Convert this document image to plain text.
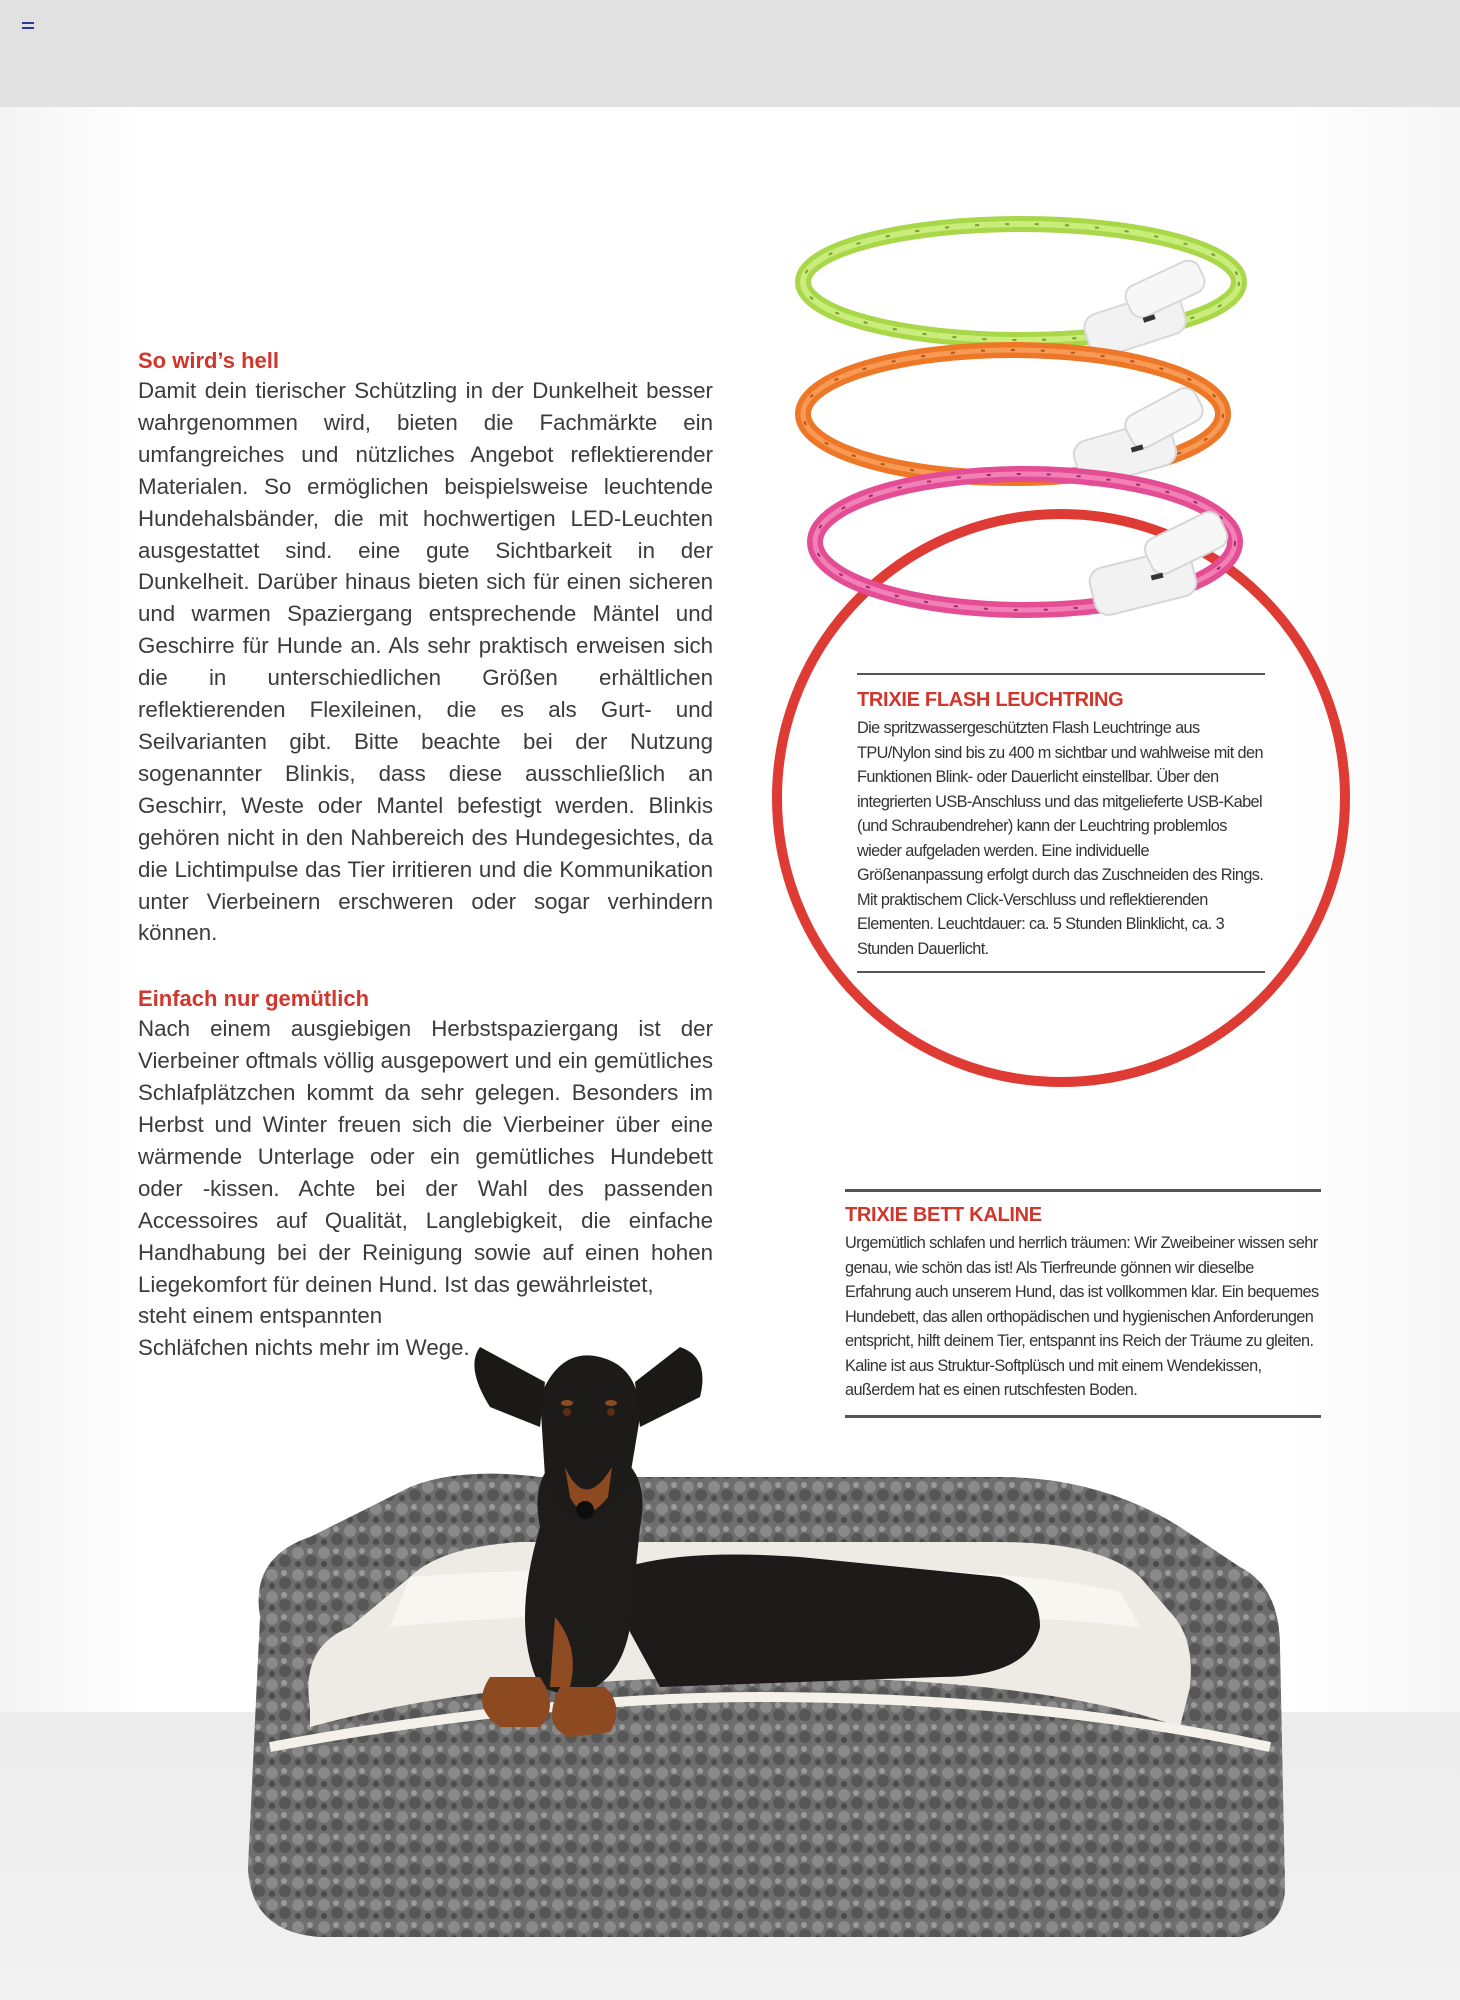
So wird’s hell

Damit dein tierischer Schützling in der Dunkelheit besser wahrgenommen wird, bieten die Fachmärkte ein umfangreiches und nützliches Angebot reflektierender Materialen. So ermöglichen beispielsweise leuchtende Hundehalsbänder, die mit hochwertigen LED-Leuchten ausgestattet sind. eine gute Sichtbarkeit in der Dunkelheit. Darüber hinaus bieten sich für einen sicheren und warmen Spaziergang entsprechende Mäntel und Geschirre für Hunde an. Als sehr praktisch erweisen sich die in unterschiedlichen Größen erhältlichen reflektierenden Flexileinen, die es als Gurt- und Seilvarianten gibt. Bitte beachte bei der Nutzung sogenannter Blinkis, dass diese ausschließlich an Geschirr, Weste oder Mantel befestigt werden. Blinkis gehören nicht in den Nahbereich des Hundegesichtes, da die Lichtimpulse das Tier irritieren und die Kommunikation unter Vierbeinern erschweren oder sogar verhindern können.

Einfach nur gemütlich

Nach einem ausgiebigen Herbstspaziergang ist der Vierbeiner oftmals völlig ausgepowert und ein gemütliches Schlafplätzchen kommt da sehr gelegen. Besonders im Herbst und Winter freuen sich die Vierbeiner über eine wärmende Unterlage oder ein gemütliches Hundebett oder -kissen. Achte bei der Wahl des passenden Accessoires auf Qualität, Langlebigkeit, die einfache Handhabung bei der Reinigung sowie auf einen hohen Liegekomfort für deinen Hund. Ist das gewährleistet,

steht einem entspannten

Schläfchen nichts mehr im Wege.

TRIXIE FLASH LEUCHTRING
Die spritzwassergeschützten Flash Leuchtringe aus TPU/Nylon sind bis zu 400 m sichtbar und wahlweise mit den Funktionen Blink- oder Dauerlicht einstellbar. Über den integrierten USB-Anschluss und das mitgelieferte USB-Kabel (und Schraubendreher) kann der Leuchtring problemlos wieder aufgeladen werden. Eine individuelle Größenanpassung erfolgt durch das Zuschneiden des Rings. Mit praktischem Click-Verschluss und reflektierenden Elementen. Leuchtdauer: ca. 5 Stunden Blinklicht, ca. 3 Stunden Dauerlicht.
TRIXIE BETT KALINE
Urgemütlich schlafen und herrlich träumen: Wir Zweibeiner wissen sehr genau, wie schön das ist! Als Tierfreunde gönnen wir dieselbe Erfahrung auch unserem Hund, das ist vollkommen klar. Ein bequemes Hundebett, das allen orthopädischen und hygienischen Anforderungen entspricht, hilft deinem Tier, entspannt ins Reich der Träume zu gleiten. Kaline ist aus Struktur-Softplüsch und mit einem Wendekissen, außerdem hat es einen rutschfesten Boden.
